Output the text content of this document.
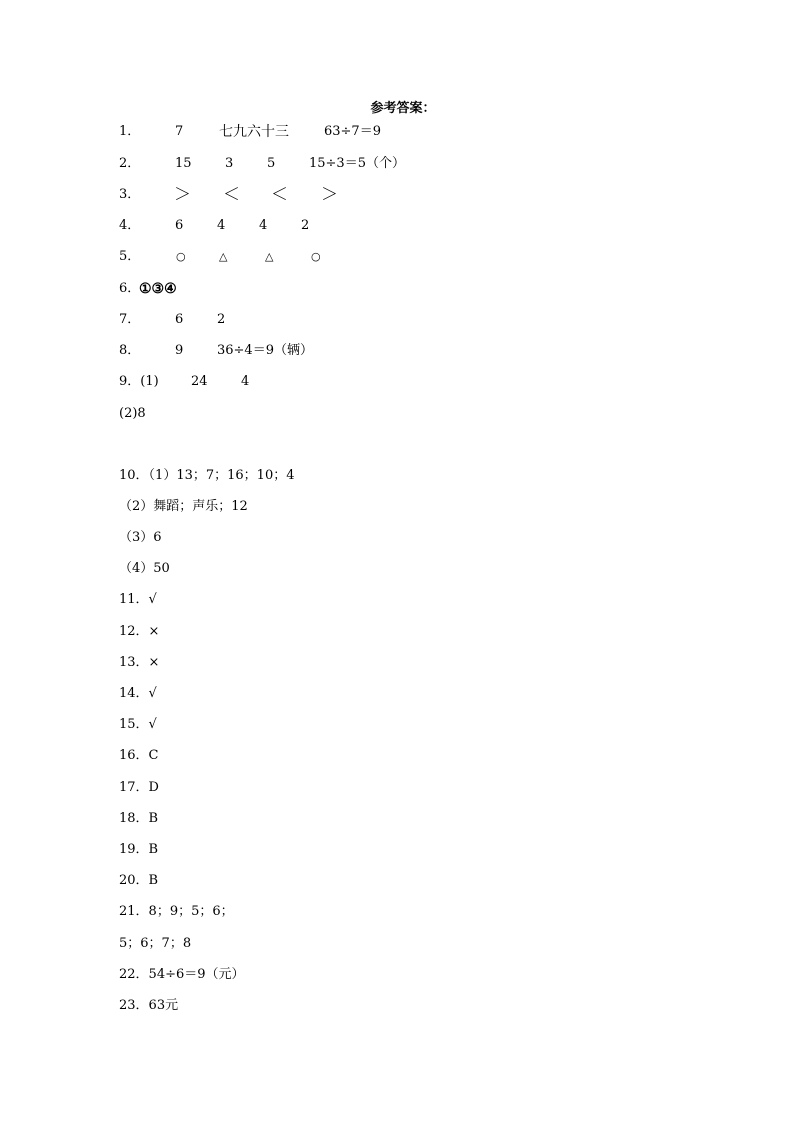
参考答案：
1．	7	七九六十三	63÷7＝9
2．	15	3	5	15÷3＝5（个）
3． ＞ ＜ ＜ ＞
4．	6	4	4	2
5．	○	△	△	○
6．
①③④
7．	6	2
8．	9	36÷4＝9（辆）
9．(1) 24	4
(2)8
10．（1）13；7；16；10；4
（2）舞蹈；声乐；12
（3）6
（4）50
11．√
12．×
13．×
14．√
15．√
16．C
17．D
18．B
19．B
20．B
21．8；9；5；6；
5；6；7；8
22．54÷6＝9（元）
23．63元
